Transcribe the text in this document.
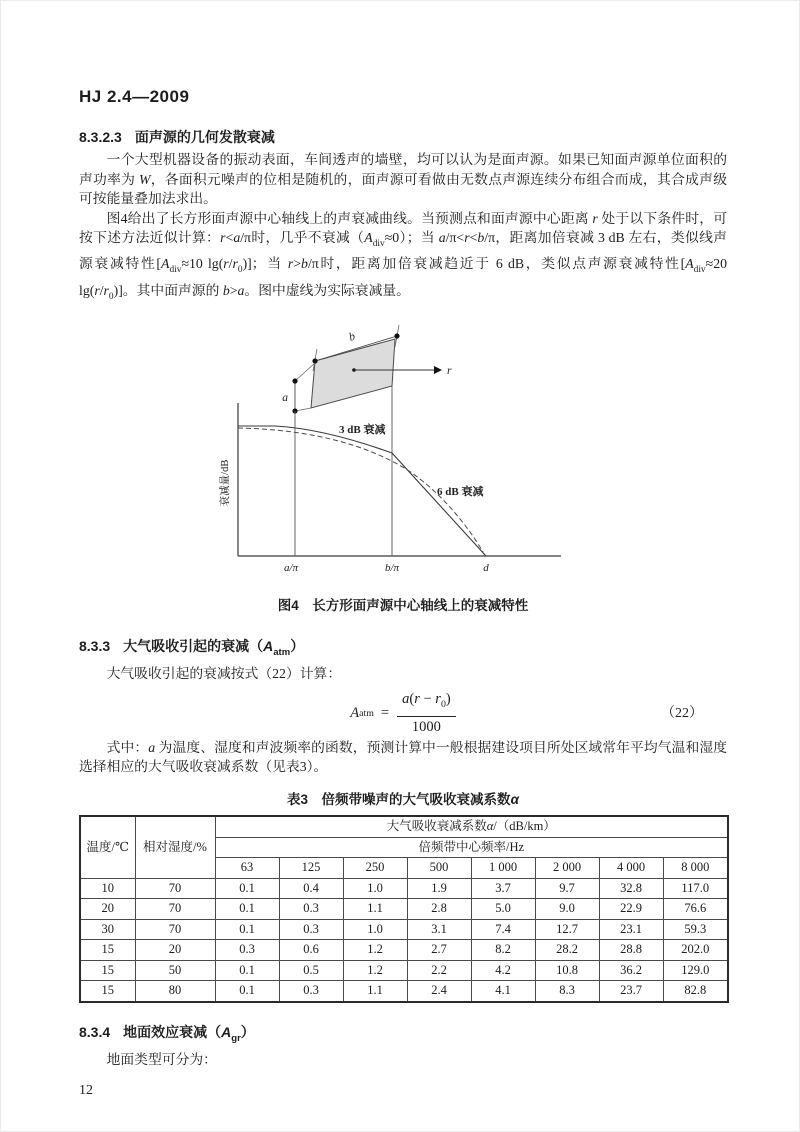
HJ 2.4—2009
8.3.2.3 面声源的几何发散衰减

一个大型机器设备的振动表面，车间透声的墙壁，均可以认为是面声源。如果已知面声源单位面积的声功率为 W，各面积元噪声的位相是随机的，面声源可看做由无数点声源连续分布组合而成，其合成声级可按能量叠加法求出。

图4给出了长方形面声源中心轴线上的声衰减曲线。当预测点和面声源中心距离 r 处于以下条件时，可按下述方法近似计算：r<a/π时，几乎不衰减$(A_{div}\approx 0)$；当 a/π<r<b/π，距离加倍衰减 3 dB 左右，类似线声源衰减特性[$A_{div}\approx 10$ $\lg(r/r_0)$]；当 r>b/π时，距离加倍衰减趋近于 6 dB，类似点声源衰减特性[$A_{div}\approx 20$ $\lg(r/r_0)$]。其中面声源的 b>a。图中虚线为实际衰减量。

b
a
r
3 dB 衰减
6 dB 衰减
衰减量/dB
a/π	b/π	d
图4　长方形面声源中心轴线上的衰减特性
8.3.3 大气吸收引起的衰减$(A_{atm})$

大气吸收引起的衰减按式（22）计算：

A atm = $\frac{a(r - r_0)}{1000}$	（22）

式中：a 为温度、湿度和声波频率的函数，预测计算中一般根据建设项目所处区域常年平均气温和湿度选择相应的大气吸收衰减系数（见表3）。

表3　倍频带噪声的大气吸收衰减系数α
温度/℃	相对湿度/%	大气吸收衰减系数α/（dB/km）							
		倍频带中心频率/Hz							
		63	125	250	500	1 000	2 000	4 000	8 000
10	70	0.1	0.4	1.0	1.9	3.7	9.7	32.8	117.0
20	70	0.1	0.3	1.1	2.8	5.0	9.0	22.9	76.6
30	70	0.1	0.3	1.0	3.1	7.4	12.7	23.1	59.3
15	20	0.3	0.6	1.2	2.7	8.2	28.2	28.8	202.0
15	50	0.1	0.5	1.2	2.2	4.2	10.8	36.2	129.0
15	80	0.1	0.3	1.1	2.4	4.1	8.3	23.7	82.8
8.3.4 地面效应衰减$(A_{gr})$

地面类型可分为：

12
